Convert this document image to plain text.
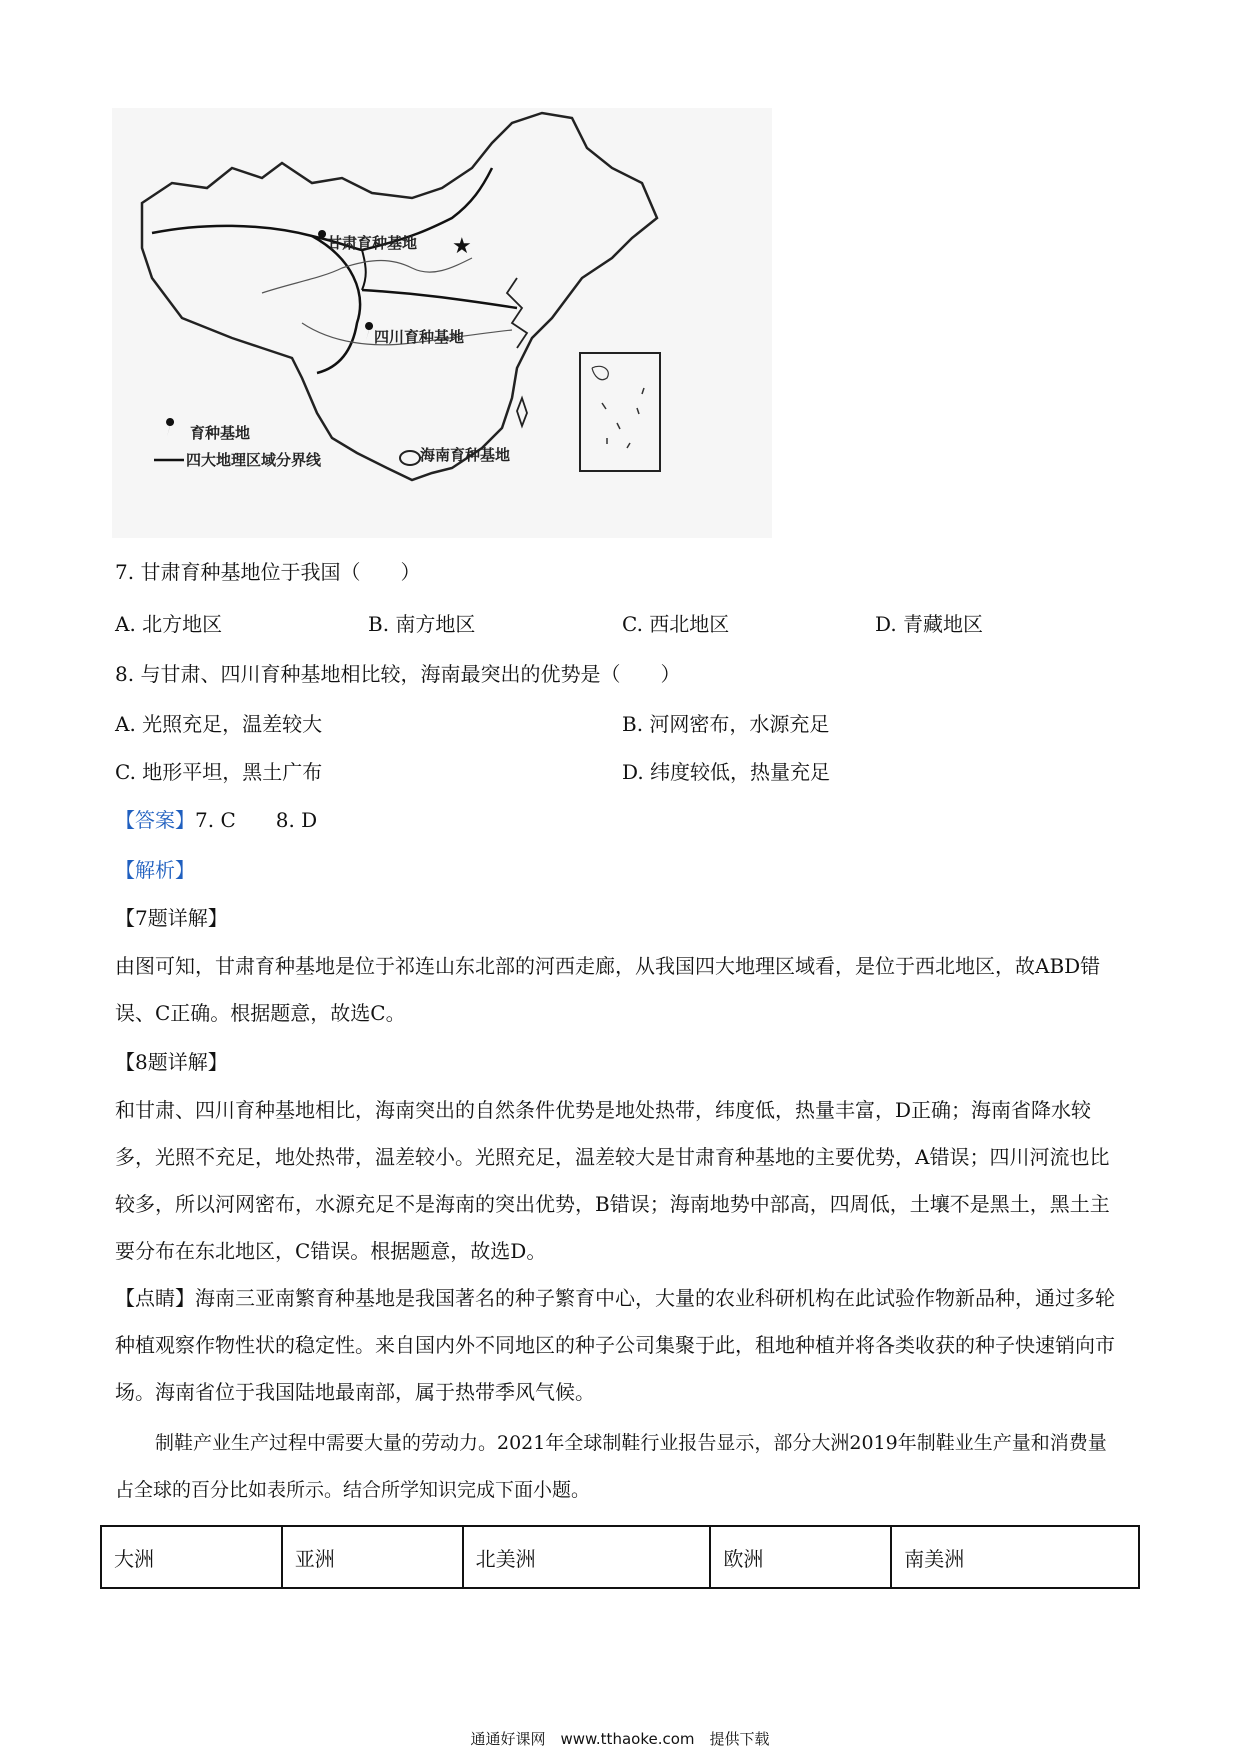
★
甘肃育种基地
四川育种基地
海南育种基地
育种基地
四大地理区域分界线
7. 甘肃育种基地位于我国（　　）
A. 北方地区	B. 南方地区	C. 西北地区	D. 青藏地区
8. 与甘肃、四川育种基地相比较，海南最突出的优势是（　　）
A. 光照充足，温差较大	B. 河网密布，水源充足
C. 地形平坦，黑土广布	D. 纬度较低，热量充足
【答案】7. C　　8. D
【解析】
【7题详解】
由图可知，甘肃育种基地是位于祁连山东北部的河西走廊，从我国四大地理区域看，是位于西北地区，故ABD错误、C正确。根据题意，故选C。
【8题详解】
和甘肃、四川育种基地相比，海南突出的自然条件优势是地处热带，纬度低，热量丰富，D正确；海南省降水较多，光照不充足，地处热带，温差较小。光照充足，温差较大是甘肃育种基地的主要优势，A错误；四川河流也比较多，所以河网密布，水源充足不是海南的突出优势，B错误；海南地势中部高，四周低，土壤不是黑土，黑土主要分布在东北地区，C错误。根据题意，故选D。
【点睛】海南三亚南繁育种基地是我国著名的种子繁育中心，大量的农业科研机构在此试验作物新品种，通过多轮种植观察作物性状的稳定性。来自国内外不同地区的种子公司集聚于此，租地种植并将各类收获的种子快速销向市场。海南省位于我国陆地最南部，属于热带季风气候。
制鞋产业生产过程中需要大量的劳动力。2021年全球制鞋行业报告显示，部分大洲2019年制鞋业生产量和消费量占全球的百分比如表所示。结合所学知识完成下面小题。
大洲	亚洲	北美洲	欧洲	南美洲
通通好课网　www.tthaoke.com　提供下载
